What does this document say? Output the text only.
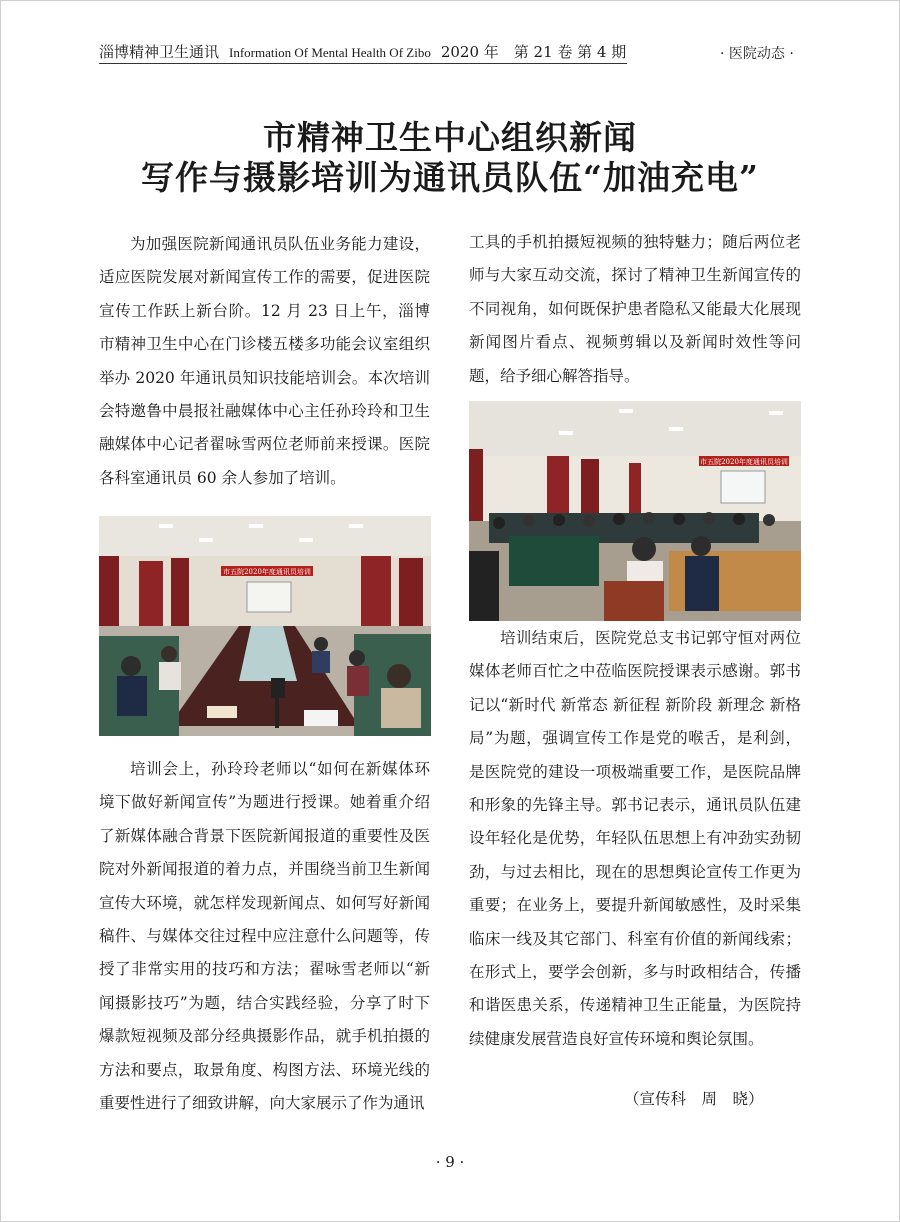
淄博精神卫生通讯 Information Of Mental Health Of Zibo 2020 年　第 21 卷 第 4 期	· 医院动态 ·
市精神卫生中心组织新闻
写作与摄影培训为通讯员队伍“加油充电”

为加强医院新闻通讯员队伍业务能力建设，适应医院发展对新闻宣传工作的需要，促进医院宣传工作跃上新台阶。12 月 23 日上午，淄博市精神卫生中心在门诊楼五楼多功能会议室组织举办 2020 年通讯员知识技能培训会。本次培训会特邀鲁中晨报社融媒体中心主任孙玲玲和卫生融媒体中心记者翟咏雪两位老师前来授课。医院各科室通讯员 60 余人参加了培训。

市五院2020年度通讯员培训

培训会上，孙玲玲老师以“如何在新媒体环境下做好新闻宣传”为题进行授课。她着重介绍了新媒体融合背景下医院新闻报道的重要性及医院对外新闻报道的着力点，并围绕当前卫生新闻宣传大环境，就怎样发现新闻点、如何写好新闻稿件、与媒体交往过程中应注意什么问题等，传授了非常实用的技巧和方法；翟咏雪老师以“新闻摄影技巧”为题，结合实践经验，分享了时下爆款短视频及部分经典摄影作品，就手机拍摄的方法和要点，取景角度、构图方法、环境光线的重要性进行了细致讲解，向大家展示了作为通讯

工具的手机拍摄短视频的独特魅力；随后两位老师与大家互动交流，探讨了精神卫生新闻宣传的不同视角，如何既保护患者隐私又能最大化展现新闻图片看点、视频剪辑以及新闻时效性等问题，给予细心解答指导。

市五院2020年度通讯员培训

培训结束后，医院党总支书记郭守恒对两位媒体老师百忙之中莅临医院授课表示感谢。郭书记以“新时代 新常态 新征程 新阶段 新理念 新格局”为题，强调宣传工作是党的喉舌，是利剑，是医院党的建设一项极端重要工作，是医院品牌和形象的先锋主导。郭书记表示，通讯员队伍建设年轻化是优势，年轻队伍思想上有冲劲实劲韧劲，与过去相比，现在的思想舆论宣传工作更为重要；在业务上，要提升新闻敏感性，及时采集临床一线及其它部门、科室有价值的新闻线索；在形式上，要学会创新，多与时政相结合，传播和谐医患关系，传递精神卫生正能量，为医院持续健康发展营造良好宣传环境和舆论氛围。

（宣传科　周　晓）
· 9 ·
